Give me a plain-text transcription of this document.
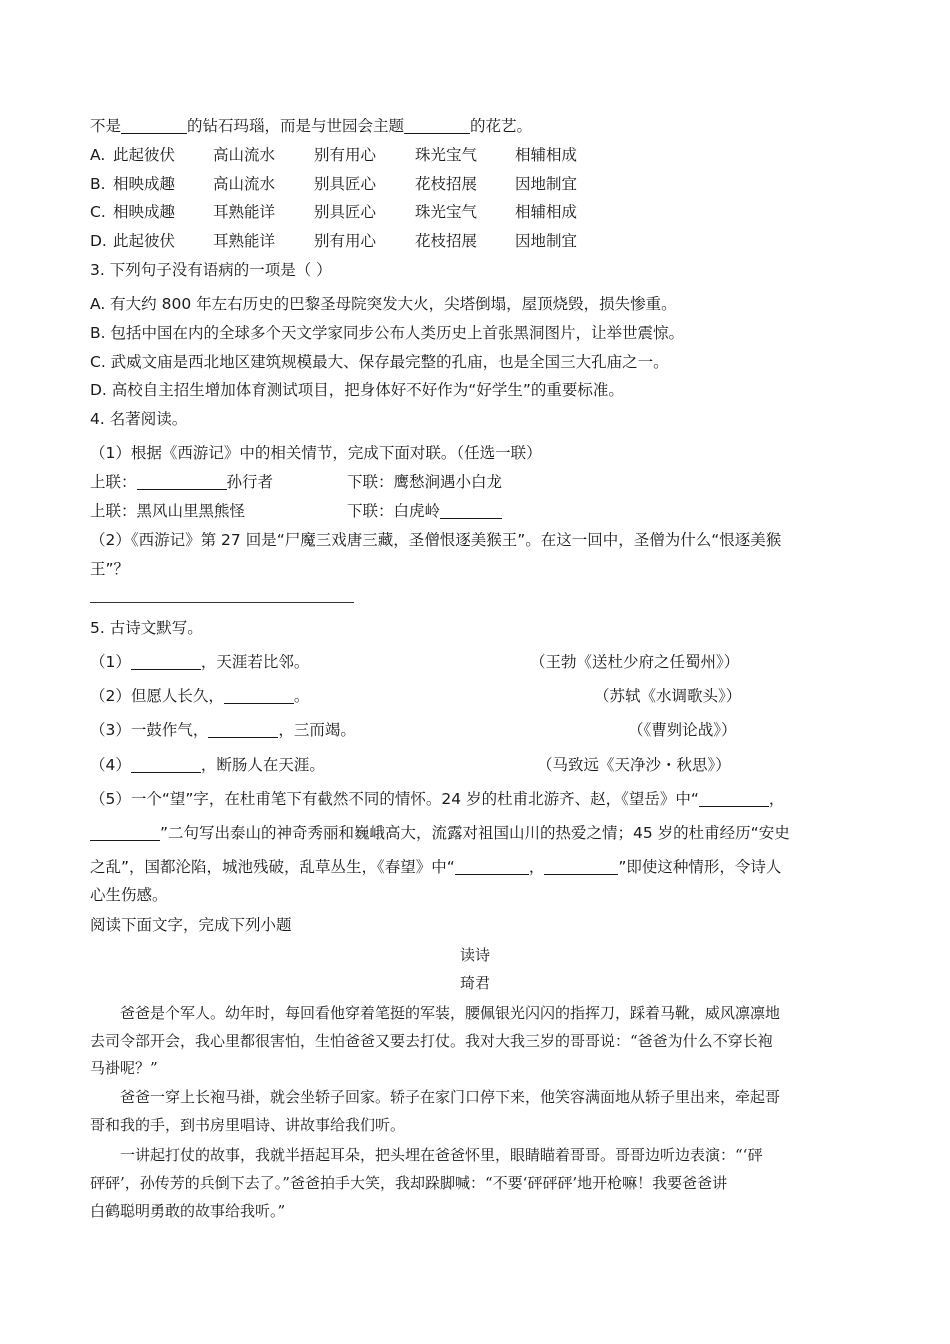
不是	的钻石玛瑙，而是与世园会主题	的花艺。
A. 此起彼伏 高山流水	别有用心	珠光宝气 相辅相成
B. 相映成趣 高山流水	别具匠心	花枝招展 因地制宜
C. 相映成趣 耳熟能详	别具匠心	珠光宝气 相辅相成
D. 此起彼伏 耳熟能详	别有用心	花枝招展 因地制宜
3. 下列句子没有语病的一项是（ ）
A. 有大约 800 年左右历史的巴黎圣母院突发大火，尖塔倒塌，屋顶烧毁，损失惨重。
B. 包括中国在内的全球多个天文学家同步公布人类历史上首张黑洞图片，让举世震惊。
C. 武威文庙是西北地区建筑规模最大、保存最完整的孔庙，也是全国三大孔庙之一。
D. 高校自主招生增加体育测试项目，把身体好不好作为“好学生”的重要标准。
4. 名著阅读。
（1）根据《西游记》中的相关情节，完成下面对联。（任选一联）
上联：	孙行者	下联：鹰愁涧遇小白龙
上联：黑风山里黑熊怪	下联：白虎岭
（2）《西游记》第 27 回是“尸魔三戏唐三藏，圣僧恨逐美猴王”。在这一回中，圣僧为什么“恨逐美猴
王”？
5. 古诗文默写。
（1）	，天涯若比邻。	（王勃《送杜少府之任蜀州》）
（2）但愿人长久，	。	（苏轼《水调歌头》）
（3）一鼓作气，	，三而竭。	（《曹刿论战》）
（4）	，断肠人在天涯。	（马致远《天净沙・秋思》）
（5）一个“望”字，在杜甫笔下有截然不同的情怀。24 岁的杜甫北游齐、赵，《望岳》中“	，
”二句写出泰山的神奇秀丽和巍峨高大，流露对祖国山川的热爱之情；45 岁的杜甫经历“安史
之乱”，国都沦陷，城池残破，乱草丛生，《春望》中“	，	”即使这种情形，令诗人
心生伤感。
阅读下面文字，完成下列小题
读诗
琦君
爸爸是个军人。幼年时，每回看他穿着笔挺的军装，腰佩银光闪闪的指挥刀，踩着马靴，威风凛凛地
去司令部开会，我心里都很害怕，生怕爸爸又要去打仗。我对大我三岁的哥哥说：“爸爸为什么不穿长袍
马褂呢？”
爸爸一穿上长袍马褂，就会坐轿子回家。轿子在家门口停下来，他笑容满面地从轿子里出来，牵起哥
哥和我的手，到书房里唱诗、讲故事给我们听。
一讲起打仗的故事，我就半捂起耳朵，把头埋在爸爸怀里，眼睛瞄着哥哥。哥哥边听边表演：“‘砰
砰砰’，孙传芳的兵倒下去了。”爸爸拍手大笑，我却跺脚喊：“不要‘砰砰砰’地开枪嘛！我要爸爸讲
白鹤聪明勇敢的故事给我听。”
